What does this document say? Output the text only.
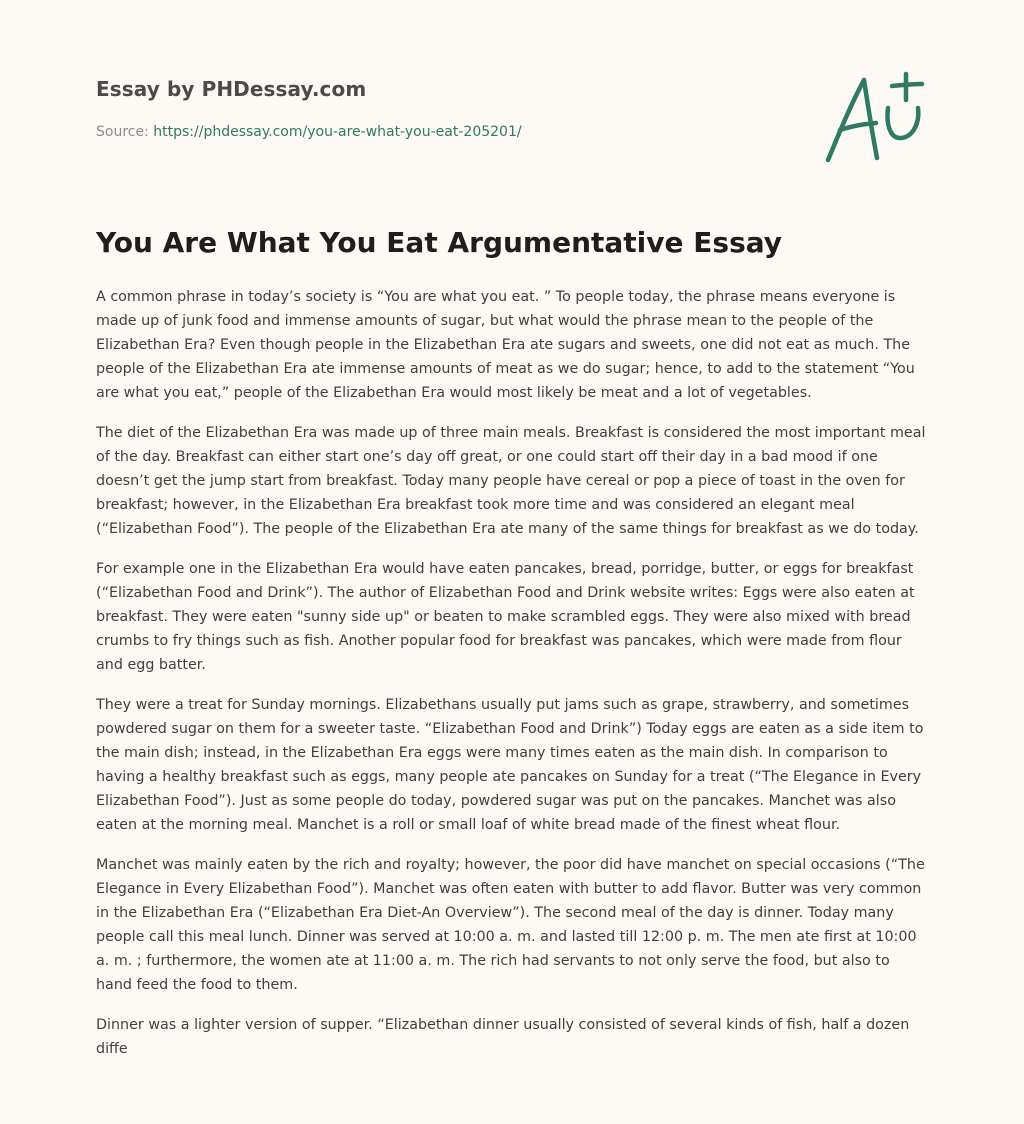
Essay by PHDessay.com
Source: https://phdessay.com/you-are-what-you-eat-205201/
You Are What You Eat Argumentative Essay

A common phrase in today’s society is “You are what you eat. ” To people today, the phrase means everyone is made up of junk food and immense amounts of sugar, but what would the phrase mean to the people of the Elizabethan Era? Even though people in the Elizabethan Era ate sugars and sweets, one did not eat as much. The people of the Elizabethan Era ate immense amounts of meat as we do sugar; hence, to add to the statement “You are what you eat,” people of the Elizabethan Era would most likely be meat and a lot of vegetables.

The diet of the Elizabethan Era was made up of three main meals. Breakfast is considered the most important meal of the day. Breakfast can either start one’s day off great, or one could start off their day in a bad mood if one doesn’t get the jump start from breakfast. Today many people have cereal or pop a piece of toast in the oven for breakfast; however, in the Elizabethan Era breakfast took more time and was considered an elegant meal (“Elizabethan Food”). The people of the Elizabethan Era ate many of the same things for breakfast as we do today.

For example one in the Elizabethan Era would have eaten pancakes, bread, porridge, butter, or eggs for breakfast (“Elizabethan Food and Drink”). The author of Elizabethan Food and Drink website writes: Eggs were also eaten at breakfast. They were eaten "sunny side up" or beaten to make scrambled eggs. They were also mixed with bread crumbs to fry things such as fish. Another popular food for breakfast was pancakes, which were made from flour and egg batter.

They were a treat for Sunday mornings. Elizabethans usually put jams such as grape, strawberry, and sometimes powdered sugar on them for a sweeter taste. “Elizabethan Food and Drink”) Today eggs are eaten as a side item to the main dish; instead, in the Elizabethan Era eggs were many times eaten as the main dish. In comparison to having a healthy breakfast such as eggs, many people ate pancakes on Sunday for a treat (“The Elegance in Every Elizabethan Food”). Just as some people do today, powdered sugar was put on the pancakes. Manchet was also eaten at the morning meal. Manchet is a roll or small loaf of white bread made of the finest wheat flour.

Manchet was mainly eaten by the rich and royalty; however, the poor did have manchet on special occasions (“The Elegance in Every Elizabethan Food”). Manchet was often eaten with butter to add flavor. Butter was very common in the Elizabethan Era (“Elizabethan Era Diet-An Overview”). The second meal of the day is dinner. Today many people call this meal lunch. Dinner was served at 10:00 a. m. and lasted till 12:00 p. m. The men ate first at 10:00 a. m. ; furthermore, the women ate at 11:00 a. m. The rich had servants to not only serve the food, but also to hand feed the food to them.

Dinner was a lighter version of supper. “Elizabethan dinner usually consisted of several kinds of fish, half a dozen diffe
